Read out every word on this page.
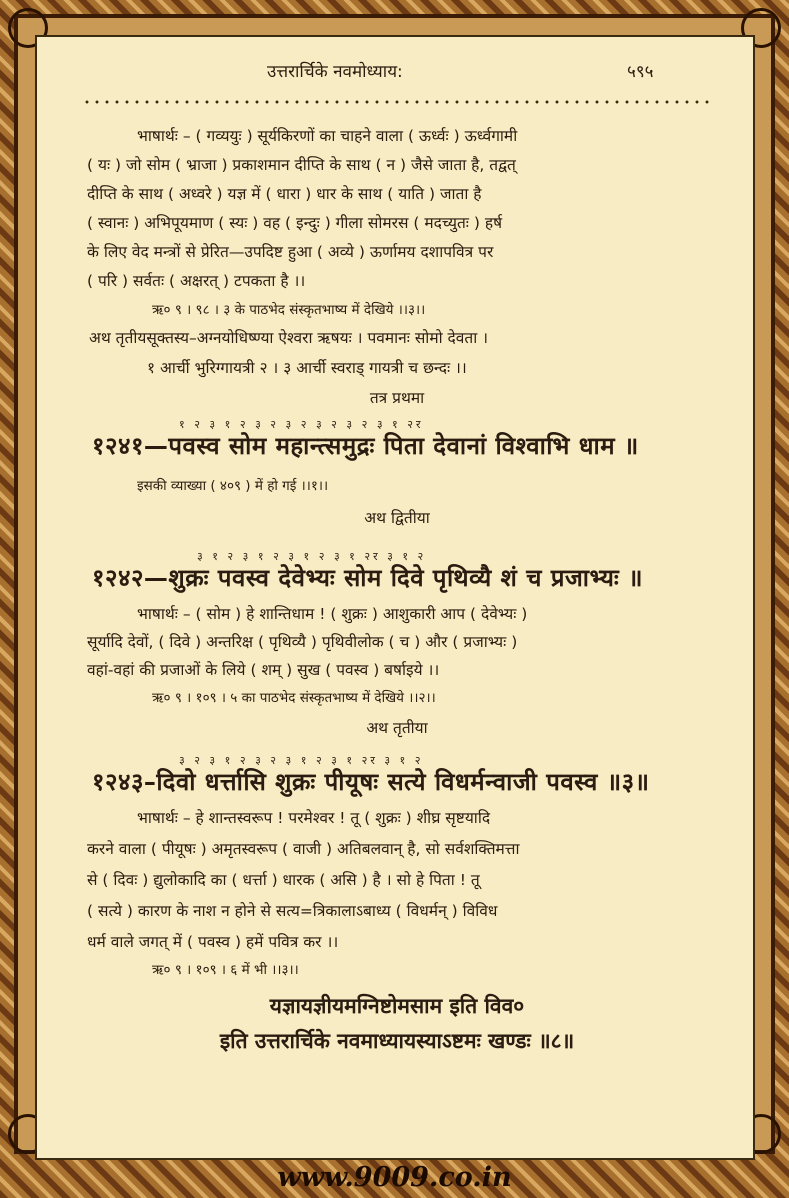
उत्तरार्चिके नवमोध्याय:	५९५
भाषार्थः – ( गव्ययुः ) सूर्यकिरणों का चाहने वाला ( ऊर्ध्वः ) ऊर्ध्वगामी
( यः ) जो सोम ( भ्राजा ) प्रकाशमान दीप्ति के साथ ( न ) जैसे जाता है, तद्वत्
दीप्ति के साथ ( अध्वरे ) यज्ञ में ( धारा ) धार के साथ ( याति ) जाता है
( स्वानः ) अभिपूयमाण ( स्यः ) वह ( इन्दुः ) गीला सोमरस ( मदच्युतः ) हर्ष
के लिए वेद मन्त्रों से प्रेरित—उपदिष्ट हुआ ( अव्ये ) ऊर्णामय दशापवित्र पर
( परि ) सर्वतः ( अक्षरत् ) टपकता है ।।
ऋ० ९ । ९८ । ३ के पाठभेद संस्कृतभाष्य में देखिये ।।३।।
अथ तृतीयसूक्तस्य–अग्नयोधिष्ण्या ऐश्वरा ऋषयः । पवमानः सोमो देवता ।
१ आर्ची भुरिग्गायत्री २ । ३ आर्ची स्वराड् गायत्री च छन्दः ।।
तत्र प्रथमा
१ २ ३ १ २ ३ २ ३ २ ३ २ ३ २ ३ १ २र
१२४१—पवस्व सोम महान्त्समुद्रः पिता देवानां विश्वाभि धाम ॥
इसकी व्याख्या ( ४०९ ) में हो गई ।।१।।
अथ द्वितीया
३ १ २ ३ १ २ ३ १ २ ३ १ २र ३ १ २
१२४२—शुक्रः पवस्व देवेभ्यः सोम दिवे पृथिव्यै शं च प्रजाभ्यः ॥
भाषार्थः – ( सोम ) हे शान्तिधाम ! ( शुक्रः ) आशुकारी आप ( देवेभ्यः )
सूर्यादि देवों, ( दिवे ) अन्तरिक्ष ( पृथिव्यै ) पृथिवीलोक ( च ) और ( प्रजाभ्यः )
वहां-वहां की प्रजाओं के लिये ( शम् ) सुख ( पवस्व ) बर्षाइये ।।
ऋ० ९ । १०९ । ५ का पाठभेद संस्कृतभाष्य में देखिये ।।२।।
अथ तृतीया
३ २ ३ १ २ ३ २ ३ १ २ ३ १ २र ३ १ २
१२४३–दिवो धर्त्तासि शुक्रः पीयूषः सत्ये विधर्मन्वाजी पवस्व ॥३॥
भाषार्थः – हे शान्तस्वरूप ! परमेश्वर ! तू ( शुक्रः ) शीघ्र सृष्टयादि
करने वाला ( पीयूषः ) अमृतस्वरूप ( वाजी ) अतिबलवान् है, सो सर्वशक्तिमत्ता
से ( दिवः ) द्युलोकादि का ( धर्त्ता ) धारक ( असि ) है । सो हे पिता ! तू
( सत्ये ) कारण के नाश न होने से सत्य=त्रिकालाऽबाध्य ( विधर्मन् ) विविध
धर्म वाले जगत् में ( पवस्व ) हमें पवित्र कर ।।
ऋ० ९ । १०९ । ६ में भी ।।३।।
यज्ञायज्ञीयमग्निष्टोमसाम इति विव०
इति उत्तरार्चिके नवमाध्यायस्याऽष्टमः खण्डः ॥८॥
www.9009.co.in
